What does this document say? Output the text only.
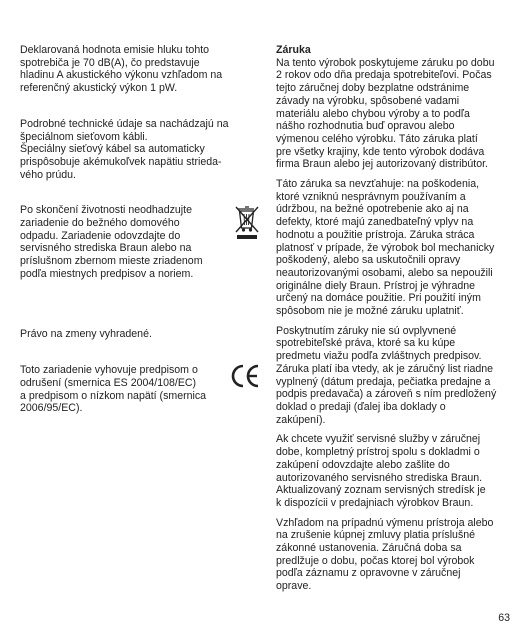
Deklarovaná hodnota emisie hluku tohto
spotrebiča je 70 dB(A), čo predstavuje
hladinu A akustického výkonu vzhľadom na
referenčný akustický výkon 1 pW.

Podrobné technické údaje sa nachádzajú na
špeciálnom sieťovom kábli.
Špeciálny sieťový kábel sa automaticky
prispôsobuje akémukoľvek napätiu strieda-
vého prúdu.

Po skončení životnosti neodhadzujte
zariadenie do bežného domového
odpadu. Zariadenie odovzdajte do
servisného strediska Braun alebo na
príslušnom zbernom mieste zriadenom
podľa miestnych predpisov a noriem.

Právo na zmeny vyhradené.

Toto zariadenie vyhovuje predpisom o
odrušení (smernica ES 2004/108/EC)
a predpisom o nízkom napätí (smernica
2006/95/EC).

Záruka

Na tento výrobok poskytujeme záruku po dobu
2 rokov odo dňa predaja spotrebiteľovi. Počas
tejto záručnej doby bezplatne odstránime
závady na výrobku, spôsobené vadami
materiálu alebo chybou výroby a to podľa
nášho rozhodnutia buď opravou alebo
výmenou celého výrobku. Táto záruka platí
pre všetky krajiny, kde tento výrobok dodáva
firma Braun alebo jej autorizovaný distribútor.

Táto záruka sa nevzťahuje: na poškodenia,
ktoré vzniknú nesprávnym používaním a
údržbou, na bežné opotrebenie ako aj na
defekty, ktoré majú zanedbateľný vplyv na
hodnotu a použitie prístroja. Záruka stráca
platnosť v prípade, že výrobok bol mechanicky
poškodený, alebo sa uskutočnili opravy
neautorizovanými osobami, alebo sa nepoužili
originálne diely Braun. Prístroj je výhradne
určený na domáce použitie. Pri použití iným
spôsobom nie je možné záruku uplatniť.

Poskytnutím záruky nie sú ovplyvnené
spotrebiteľské práva, ktoré sa ku kúpe
predmetu viažu podľa zvláštnych predpisov.
Záruka platí iba vtedy, ak je záručný list riadne
vyplnený (dátum predaja, pečiatka predajne a
podpis predavača) a zároveň s ním predložený
doklad o predaji (ďalej iba doklady o
zakúpení).

Ak chcete využiť servisné služby v záručnej
dobe, kompletný prístroj spolu s dokladmi o
zakúpení odovzdajte alebo zašlite do
autorizovaného servisného strediska Braun.
Aktualizovaný zoznam servisných stredísk je
k dispozícii v predajniach výrobkov Braun.

Vzhľadom na prípadnú výmenu prístroja alebo
na zrušenie kúpnej zmluvy platia príslušné
zákonné ustanovenia. Záručná doba sa
predlžuje o dobu, počas ktorej bol výrobok
podľa záznamu z opravovne v záručnej
oprave.

63
